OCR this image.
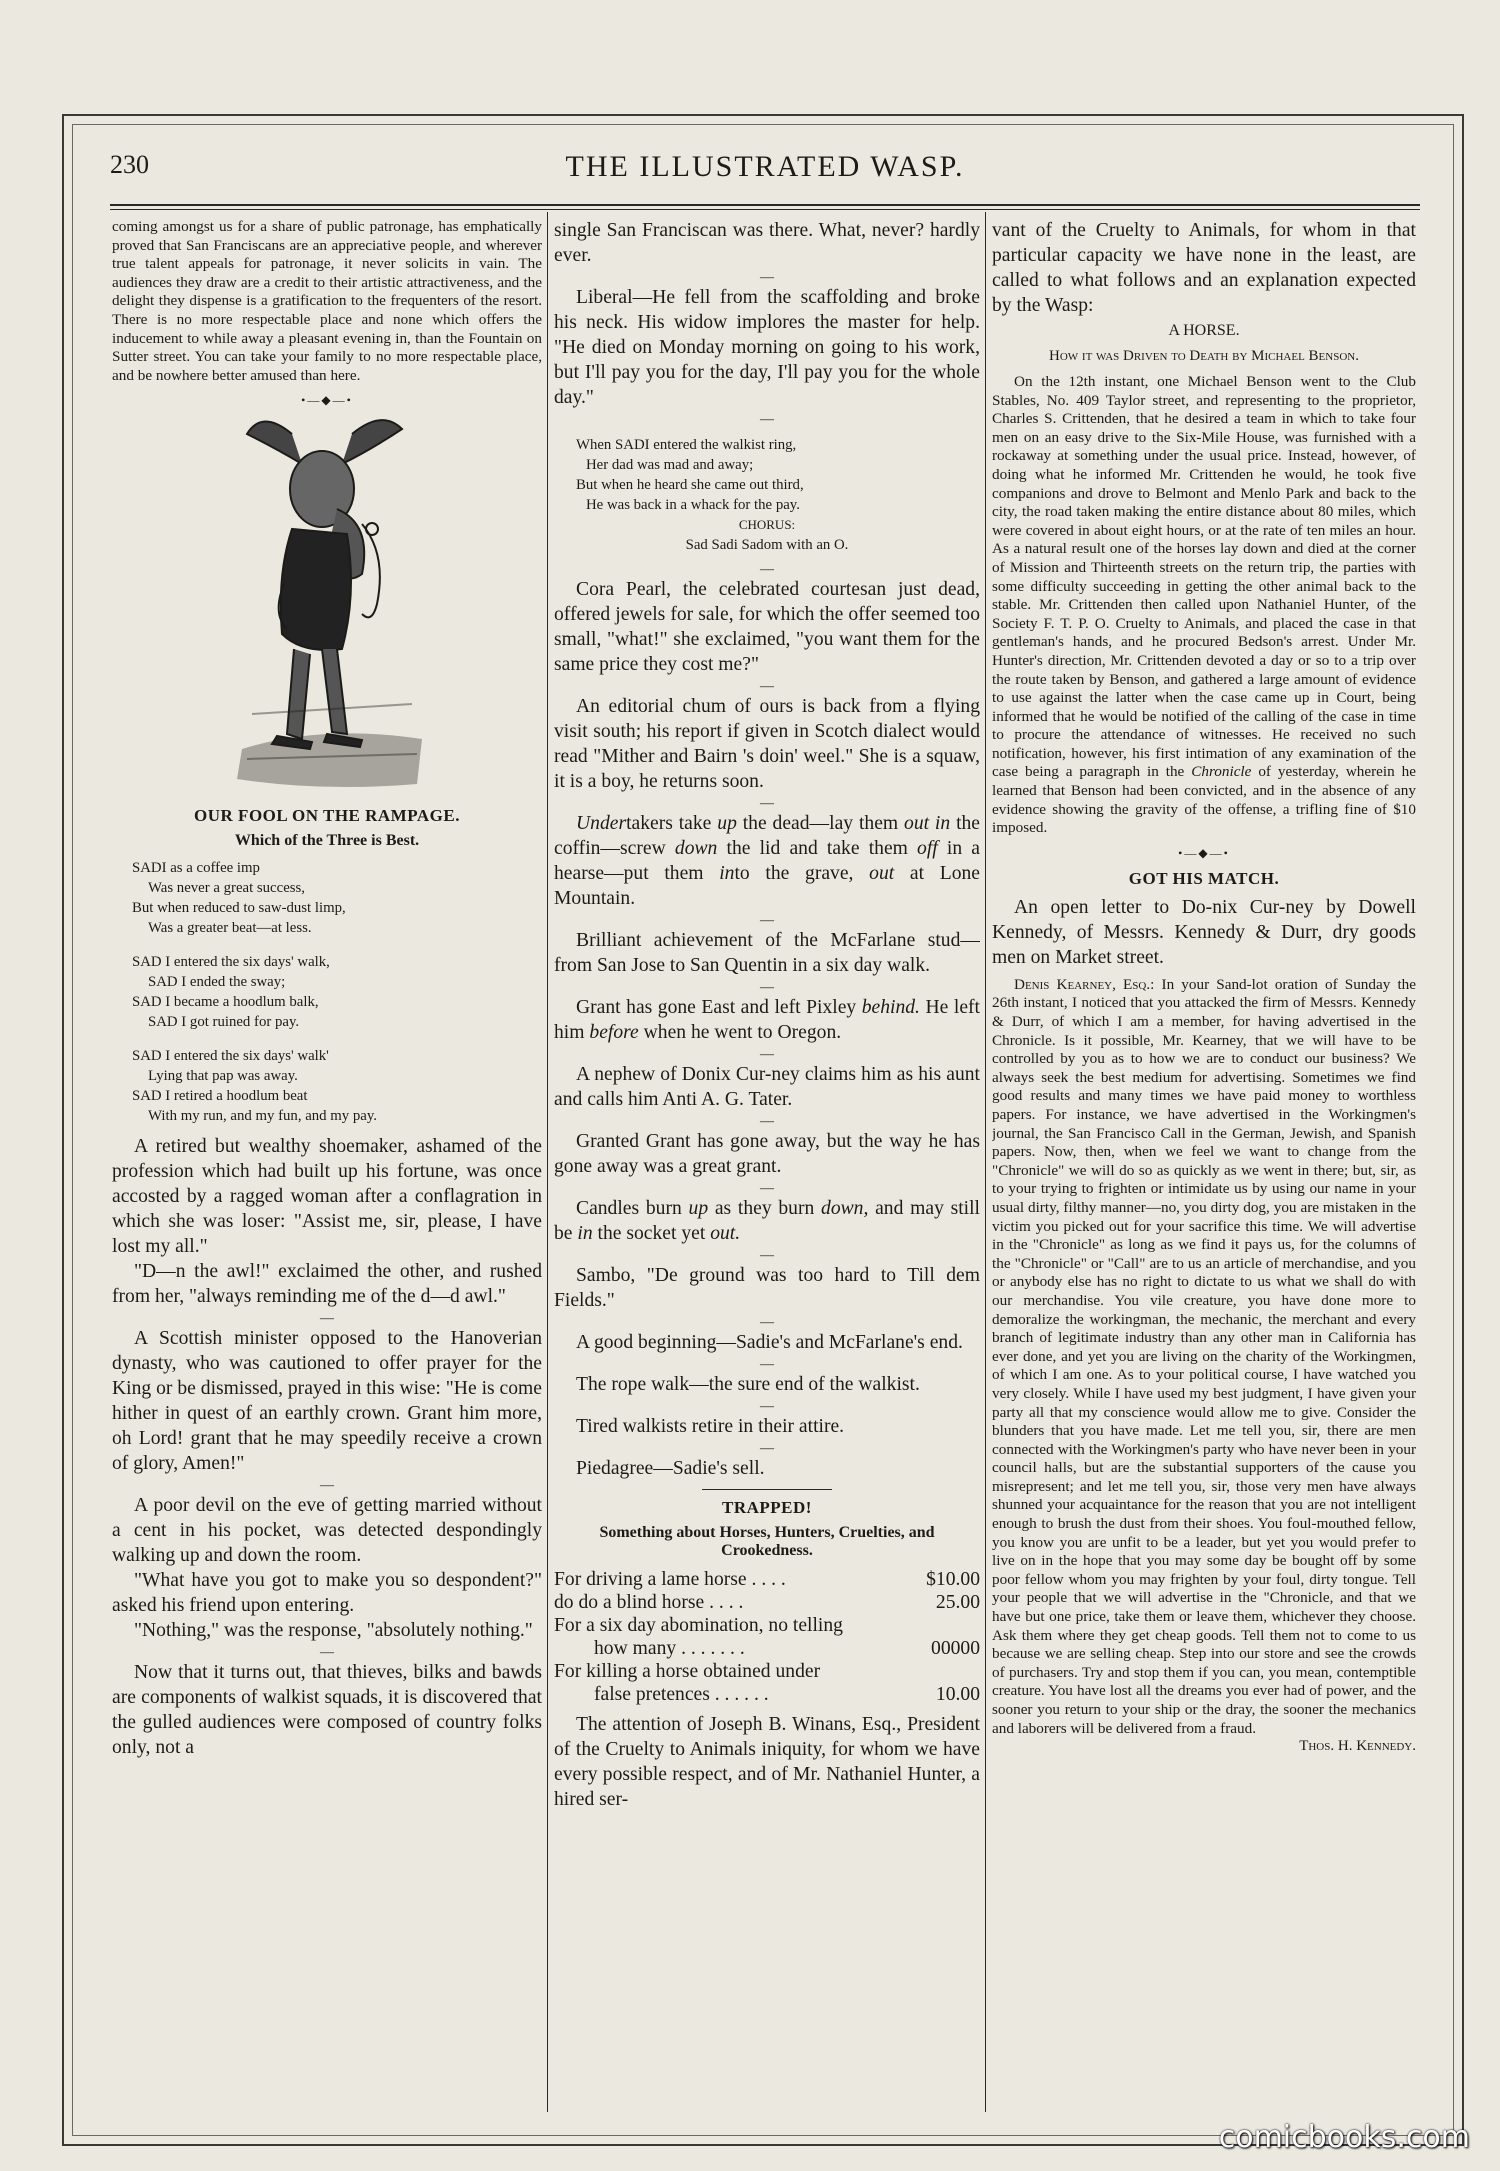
230	THE ILLUSTRATED WASP.

coming amongst us for a share of public patronage, has emphatically proved that San Franciscans are an appreciative people, and wherever true talent appeals for patronage, it never solicits in vain. The audiences they draw are a credit to their artistic attractiveness, and the delight they dispense is a gratification to the frequenters of the resort. There is no more respectable place and none which offers the inducement to while away a pleasant evening in, than the Fountain on Sutter street. You can take your family to no more respectable place, and be nowhere better amused than here.

•—◆—•
OUR FOOL ON THE RAMPAGE.
Which of the Three is Best.
SADI as a coffee imp
Was never a great success,
But when reduced to saw-dust limp,
Was a greater beat—at less.
SAD I entered the six days' walk,
SAD I ended the sway;
SAD I became a hoodlum balk,
SAD I got ruined for pay.
SAD I entered the six days' walk'
Lying that pap was away.
SAD I retired a hoodlum beat
With my run, and my fun, and my pay.

A retired but wealthy shoemaker, ashamed of the profession which had built up his fortune, was once accosted by a ragged woman after a conflagration in which she was loser: "Assist me, sir, please, I have lost my all."

"D—n the awl!" exclaimed the other, and rushed from her, "always reminding me of the d—d awl."

—

A Scottish minister opposed to the Hanoverian dynasty, who was cautioned to offer prayer for the King or be dismissed, prayed in this wise: "He is come hither in quest of an earthly crown. Grant him more, oh Lord! grant that he may speedily receive a crown of glory, Amen!"

—

A poor devil on the eve of getting married without a cent in his pocket, was detected despondingly walking up and down the room.

"What have you got to make you so despondent?" asked his friend upon entering.

"Nothing," was the response, "absolutely nothing."

—

Now that it turns out, that thieves, bilks and bawds are components of walkist squads, it is discovered that the gulled audiences were composed of country folks only, not a

single San Franciscan was there. What, never? hardly ever.

—

Liberal—He fell from the scaffolding and broke his neck. His widow implores the master for help. "He died on Monday morning on going to his work, but I'll pay you for the day, I'll pay you for the whole day."

—
When SADI entered the walkist ring,
Her dad was mad and away;
But when he heard she came out third,
He was back in a whack for the pay.
CHORUS:
Sad Sadi Sadom with an O.
—

Cora Pearl, the celebrated courtesan just dead, offered jewels for sale, for which the offer seemed too small, "what!" she exclaimed, "you want them for the same price they cost me?"

—

An editorial chum of ours is back from a flying visit south; his report if given in Scotch dialect would read "Mither and Bairn 's doin' weel." She is a squaw, it is a boy, he returns soon.

—

Undertakers take up the dead—lay them out in the coffin—screw down the lid and take them off in a hearse—put them into the grave, out at Lone Mountain.

—

Brilliant achievement of the McFarlane stud—from San Jose to San Quentin in a six day walk.

—

Grant has gone East and left Pixley behind. He left him before when he went to Oregon.

—

A nephew of Donix Cur-ney claims him as his aunt and calls him Anti A. G. Tater.

—

Granted Grant has gone away, but the way he has gone away was a great grant.

—

Candles burn up as they burn down, and may still be in the socket yet out.

—

Sambo, "De ground was too hard to Till dem Fields."

—

A good beginning—Sadie's and McFarlane's end.

—

The rope walk—the sure end of the walkist.

—

Tired walkists retire in their attire.

—

Piedagree—Sadie's sell.

TRAPPED!
Something about Horses, Hunters, Cruelties, and Crookedness.
For driving a lame horse . . . .	$10.00
do do a blind horse . . . .	25.00
For a six day abomination, no telling	
how many . . . . . . .	00000
For killing a horse obtained under	
false pretences . . . . . .	10.00

The attention of Joseph B. Winans, Esq., President of the Cruelty to Animals iniquity, for whom we have every possible respect, and of Mr. Nathaniel Hunter, a hired ser-

vant of the Cruelty to Animals, for whom in that particular capacity we have none in the least, are called to what follows and an explanation expected by the Wasp:

A HORSE.
How it was Driven to Death by Michael Benson.

On the 12th instant, one Michael Benson went to the Club Stables, No. 409 Taylor street, and representing to the proprietor, Charles S. Crittenden, that he desired a team in which to take four men on an easy drive to the Six-Mile House, was furnished with a rockaway at something under the usual price. Instead, however, of doing what he informed Mr. Crittenden he would, he took five companions and drove to Belmont and Menlo Park and back to the city, the road taken making the entire distance about 80 miles, which were covered in about eight hours, or at the rate of ten miles an hour. As a natural result one of the horses lay down and died at the corner of Mission and Thirteenth streets on the return trip, the parties with some difficulty succeeding in getting the other animal back to the stable. Mr. Crittenden then called upon Nathaniel Hunter, of the Society F. T. P. O. Cruelty to Animals, and placed the case in that gentleman's hands, and he procured Bedson's arrest. Under Mr. Hunter's direction, Mr. Crittenden devoted a day or so to a trip over the route taken by Benson, and gathered a large amount of evidence to use against the latter when the case came up in Court, being informed that he would be notified of the calling of the case in time to procure the attendance of witnesses. He received no such notification, however, his first intimation of any examination of the case being a paragraph in the Chronicle of yesterday, wherein he learned that Benson had been convicted, and in the absence of any evidence showing the gravity of the offense, a trifling fine of $10 imposed.

•—◆—•
GOT HIS MATCH.

An open letter to Do-nix Cur-ney by Dowell Kennedy, of Messrs. Kennedy & Durr, dry goods men on Market street.

Denis Kearney, Esq.: In your Sand-lot oration of Sunday the 26th instant, I noticed that you attacked the firm of Messrs. Kennedy & Durr, of which I am a member, for having advertised in the Chronicle. Is it possible, Mr. Kearney, that we will have to be controlled by you as to how we are to conduct our business? We always seek the best medium for advertising. Sometimes we find good results and many times we have paid money to worthless papers. For instance, we have advertised in the Workingmen's journal, the San Francisco Call in the German, Jewish, and Spanish papers. Now, then, when we feel we want to change from the "Chronicle" we will do so as quickly as we went in there; but, sir, as to your trying to frighten or intimidate us by using our name in your usual dirty, filthy manner—no, you dirty dog, you are mistaken in the victim you picked out for your sacrifice this time. We will advertise in the "Chronicle" as long as we find it pays us, for the columns of the "Chronicle" or "Call" are to us an article of merchandise, and you or anybody else has no right to dictate to us what we shall do with our merchandise. You vile creature, you have done more to demoralize the workingman, the mechanic, the merchant and every branch of legitimate industry than any other man in California has ever done, and yet you are living on the charity of the Workingmen, of which I am one. As to your political course, I have watched you very closely. While I have used my best judgment, I have given your party all that my conscience would allow me to give. Consider the blunders that you have made. Let me tell you, sir, there are men connected with the Workingmen's party who have never been in your council halls, but are the substantial supporters of the cause you misrepresent; and let me tell you, sir, those very men have always shunned your acquaintance for the reason that you are not intelligent enough to brush the dust from their shoes. You foul-mouthed fellow, you know you are unfit to be a leader, but yet you would prefer to live on in the hope that you may some day be bought off by some poor fellow whom you may frighten by your foul, dirty tongue. Tell your people that we will advertise in the "Chronicle, and that we have but one price, take them or leave them, whichever they choose. Ask them where they get cheap goods. Tell them not to come to us because we are selling cheap. Step into our store and see the crowds of purchasers. Try and stop them if you can, you mean, contemptible creature. You have lost all the dreams you ever had of power, and the sooner you return to your ship or the dray, the sooner the mechanics and laborers will be delivered from a fraud.

Thos. H. Kennedy.
comicbooks.com
